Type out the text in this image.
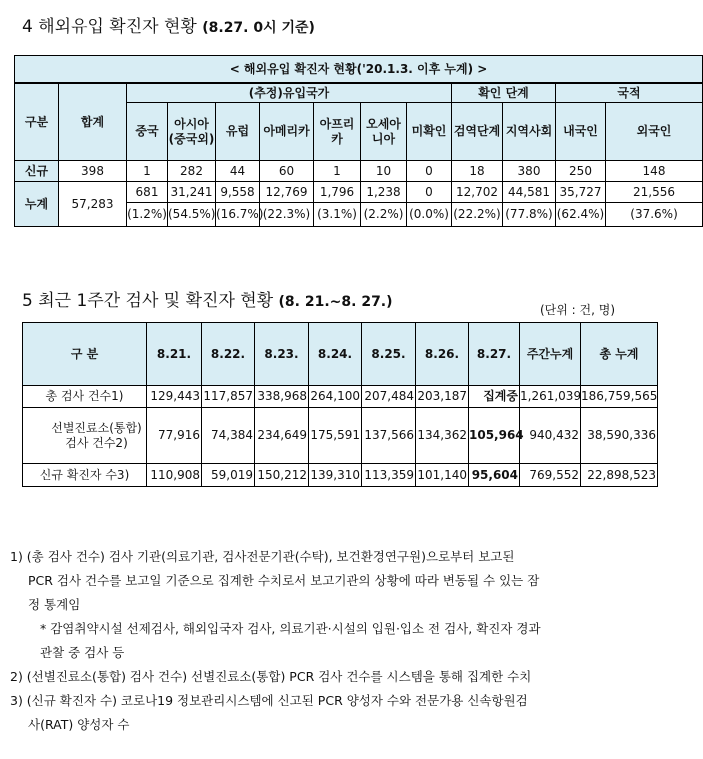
4 해외유입 확진자 현황 (8.27. 0시 기준)
< 해외유입 확진자 현황('20.1.3. 이후 누계) >												
구분	합계	(추정)유입국가							확인 단계		국적	
		중국	아시아(중국외)	유럽	아메리카	아프리카	오세아니아	미확인	검역단계	지역사회	내국인	외국인
신규	398	1	282	44	60	1	10	0	18	380	250	148
누계	57,283	681	31,241	9,558	12,769	1,796	1,238	0	12,702	44,581	35,727	21,556
		(1.2%)	(54.5%)	(16.7%)	(22.3%)	(3.1%)	(2.2%)	(0.0%)	(22.2%)	(77.8%)	(62.4%)	(37.6%)
5 최근 1주간 검사 및 확진자 현황 (8. 21.~8. 27.)	(단위 : 건, 명)
구 분	8.21.	8.22.	8.23.	8.24.	8.25.	8.26.	8.27.	주간누계	총 누계
총 검사 건수1)	129,443	117,857	338,968	264,100	207,484	203,187	집계중	1,261,039	186,759,565
선별진료소(통합) 검사 건수2)	77,916	74,384	234,649	175,591	137,566	134,362	105,964	940,432	38,590,336
신규 확진자 수3)	110,908	59,019	150,212	139,310	113,359	101,140	95,604	769,552	22,898,523

1) (총 검사 건수) 검사 기관(의료기관, 검사전문기관(수탁), 보건환경연구원)으로부터 보고된

PCR 검사 건수를 보고일 기준으로 집계한 수치로서 보고기관의 상황에 따라 변동될 수 있는 잠

정 통계임

* 감염취약시설 선제검사, 해외입국자 검사, 의료기관·시설의 입원·입소 전 검사, 확진자 경과

관찰 중 검사 등

2) (선별진료소(통합) 검사 건수) 선별진료소(통합) PCR 검사 건수를 시스템을 통해 집계한 수치

3) (신규 확진자 수) 코로나19 정보관리시스템에 신고된 PCR 양성자 수와 전문가용 신속항원검

사(RAT) 양성자 수
